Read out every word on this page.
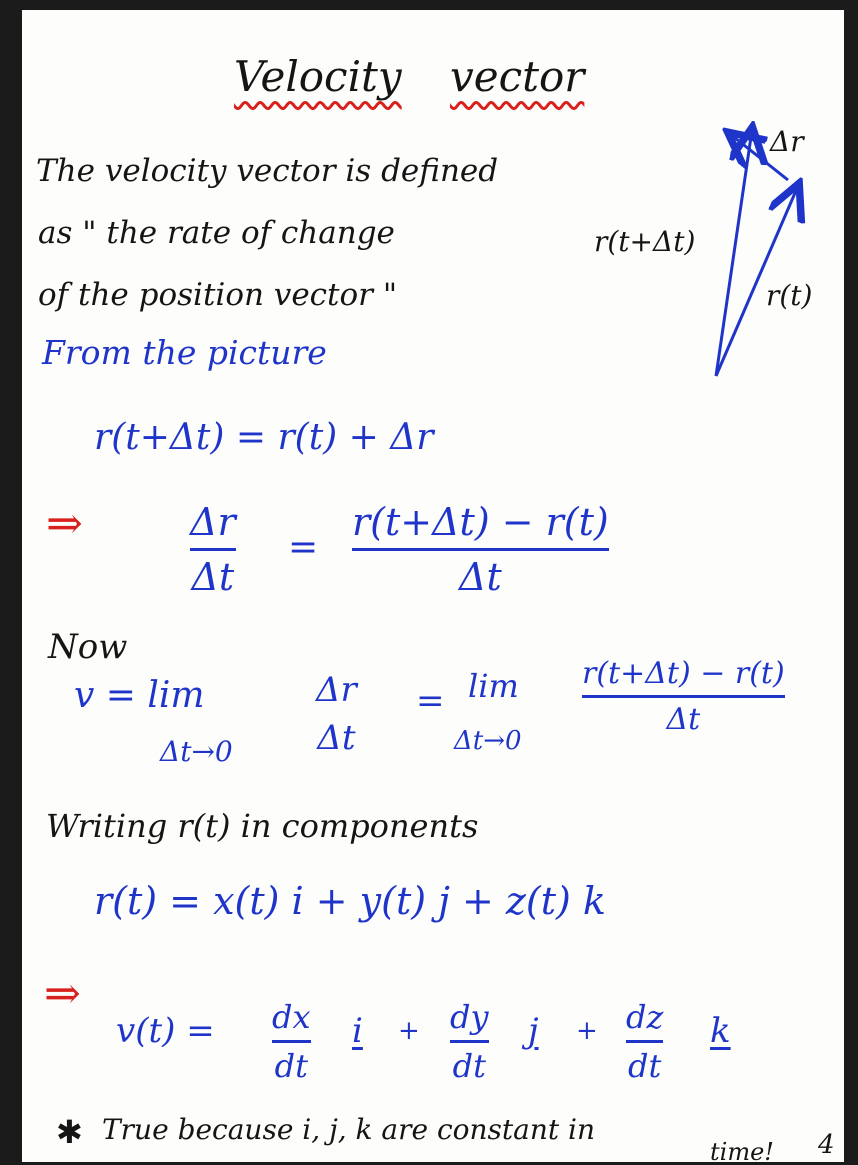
Velocity vector
The velocity vector is defined
as " the rate of change
of the position vector "
Δr
r(t+Δt)
r(t)
From the picture
r(t+Δt) = r(t) + Δr
⇒	Δr
Δt
=
r(t+Δt) − r(t)
Δt
Now
v = lim
Δt→0
Δr
Δt
= lim
Δt→0
r(t+Δt) − r(t)
Δt
Writing r(t) in components
r(t) = x(t) i + y(t) j + z(t) k
⇒
v(t) = dx
dt
i + dy
dt
j + dz
dt
k
✱ True because i, j, k are constant in
time! 4
